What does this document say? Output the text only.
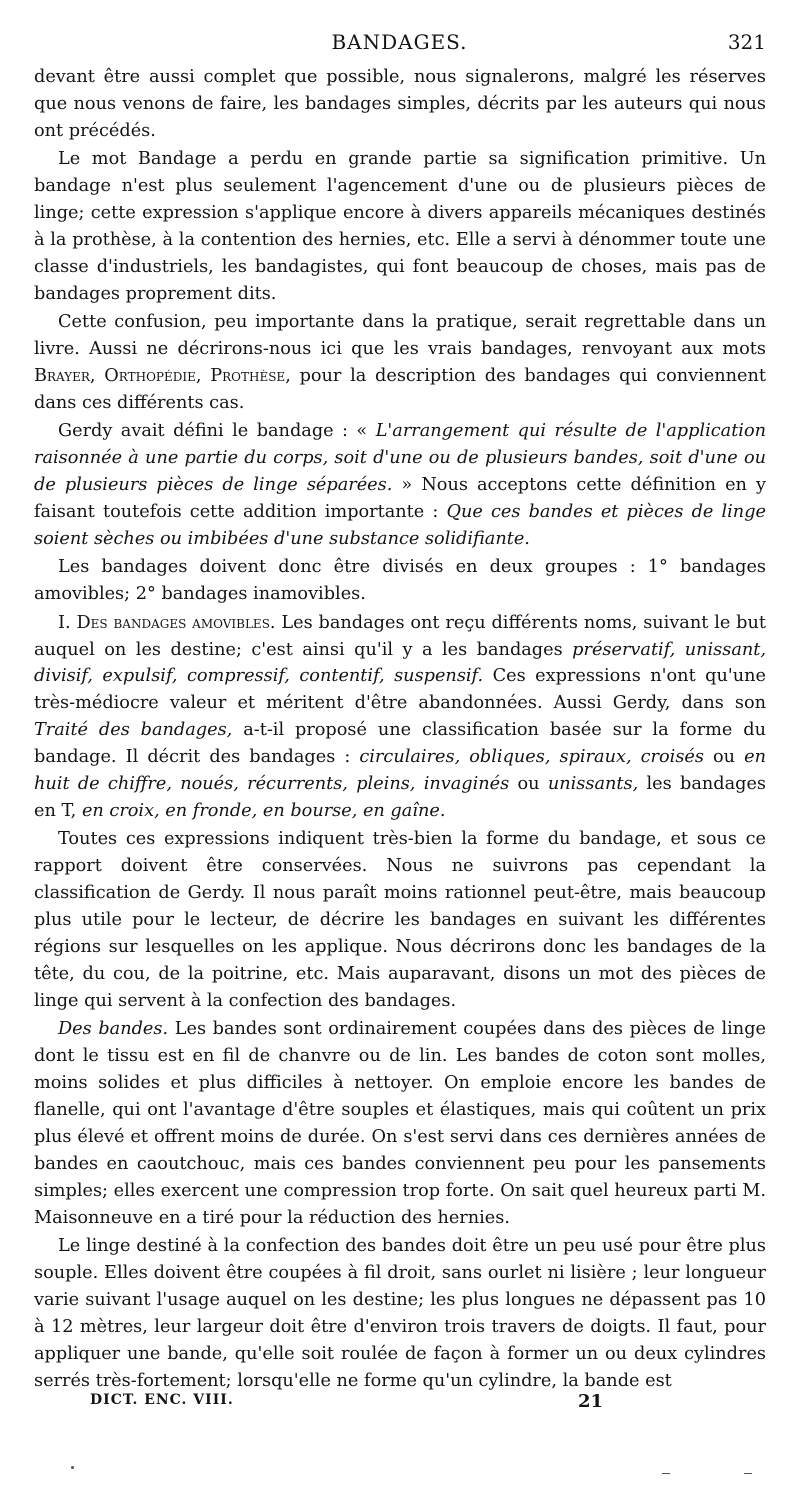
BANDAGES.	321

devant être aussi complet que possible, nous signalerons, malgré les réserves que nous venons de faire, les bandages simples, décrits par les auteurs qui nous ont précédés.

Le mot Bandage a perdu en grande partie sa signification primitive. Un bandage n'est plus seulement l'agencement d'une ou de plusieurs pièces de linge; cette expression s'applique encore à divers appareils mécaniques destinés à la prothèse, à la contention des hernies, etc. Elle a servi à dénommer toute une classe d'industriels, les bandagistes, qui font beaucoup de choses, mais pas de bandages proprement dits.

Cette confusion, peu importante dans la pratique, serait regrettable dans un livre. Aussi ne décrirons-nous ici que les vrais bandages, renvoyant aux mots Brayer, Orthopédie, Prothèse, pour la description des bandages qui conviennent dans ces différents cas.

Gerdy avait défini le bandage : « L'arrangement qui résulte de l'application raisonnée à une partie du corps, soit d'une ou de plusieurs bandes, soit d'une ou de plusieurs pièces de linge séparées. » Nous acceptons cette définition en y faisant toutefois cette addition importante : Que ces bandes et pièces de linge soient sèches ou imbibées d'une substance solidifiante.

Les bandages doivent donc être divisés en deux groupes : 1° bandages amovibles; 2° bandages inamovibles.

I. Des bandages amovibles. Les bandages ont reçu différents noms, suivant le but auquel on les destine; c'est ainsi qu'il y a les bandages préservatif, unissant, divisif, expulsif, compressif, contentif, suspensif. Ces expressions n'ont qu'une très-médiocre valeur et méritent d'être abandonnées. Aussi Gerdy, dans son Traité des bandages, a-t-il proposé une classification basée sur la forme du bandage. Il décrit des bandages : circulaires, obliques, spiraux, croisés ou en huit de chiffre, noués, récurrents, pleins, invaginés ou unissants, les bandages en T, en croix, en fronde, en bourse, en gaîne.

Toutes ces expressions indiquent très-bien la forme du bandage, et sous ce rapport doivent être conservées. Nous ne suivrons pas cependant la classification de Gerdy. Il nous paraît moins rationnel peut-être, mais beaucoup plus utile pour le lecteur, de décrire les bandages en suivant les différentes régions sur lesquelles on les applique. Nous décrirons donc les bandages de la tête, du cou, de la poitrine, etc. Mais auparavant, disons un mot des pièces de linge qui servent à la confection des bandages.

Des bandes. Les bandes sont ordinairement coupées dans des pièces de linge dont le tissu est en fil de chanvre ou de lin. Les bandes de coton sont molles, moins solides et plus difficiles à nettoyer. On emploie encore les bandes de flanelle, qui ont l'avantage d'être souples et élastiques, mais qui coûtent un prix plus élevé et offrent moins de durée. On s'est servi dans ces dernières années de bandes en caoutchouc, mais ces bandes conviennent peu pour les pansements simples; elles exercent une compression trop forte. On sait quel heureux parti M. Maisonneuve en a tiré pour la réduction des hernies.

Le linge destiné à la confection des bandes doit être un peu usé pour être plus souple. Elles doivent être coupées à fil droit, sans ourlet ni lisière ; leur longueur varie suivant l'usage auquel on les destine; les plus longues ne dépassent pas 10 à 12 mètres, leur largeur doit être d'environ trois travers de doigts. Il faut, pour appliquer une bande, qu'elle soit roulée de façon à former un ou deux cylindres serrés très-fortement; lorsqu'elle ne forme qu'un cylindre, la bande est

DICT. ENC. VIII.	21
